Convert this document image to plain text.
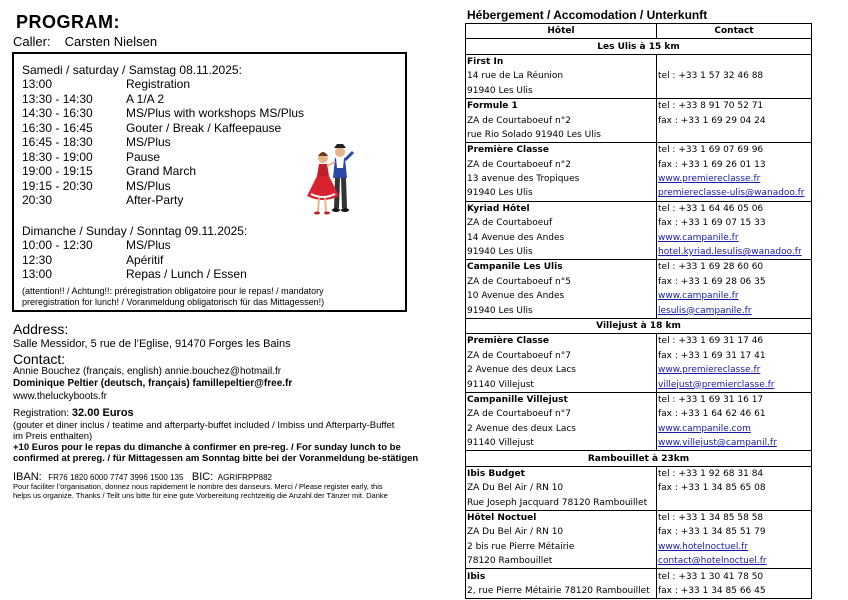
PROGRAM:
Caller: Carsten Nielsen
Samedi / saturday / Samstag 08.11.2025:
13:00	Registration
13:30 - 14:30	A 1/A 2
14:30 - 16:30	MS/Plus with workshops MS/Plus
16:30 - 16:45	Gouter / Break / Kaffeepause
16:45 - 18:30	MS/Plus
18:30 - 19:00	Pause
19:00 - 19:15	Grand March
19:15 - 20:30	MS/Plus
20:30	After-Party
Dimanche / Sunday / Sonntag 09.11.2025:
10:00 - 12:30	MS/Plus
12:30	Apéritif
13:00	Repas / Lunch / Essen
(attention!! / Achtung!!: préregistration obligatoire pour le repas! / mandatory
preregistration for lunch! / Voranmeldung obligatorisch für das Mittagessen!)
Address:
Salle Messidor, 5 rue de l’Eglise, 91470 Forges les Bains
Contact:
Annie Bouchez (français, english) annie.bouchez@hotmail.fr
Dominique Peltier (deutsch, français) famillepeltier@free.fr
www.theluckyboots.fr
Registration: 32.00 Euros
(gouter et diner inclus / teatime and afterparty-buffet included / Imbiss und Afterparty-Buffet
im Preis enthalten)
+10 Euros pour le repas du dimanche à confirmer en pre-reg. / For sunday lunch to be
confirmed at prereg. / für Mittagessen am Sonntag bitte bei der Voranmeldung be-stätigen
IBAN: FR76 1820 6000 7747 3996 1500 135 BIC: AGRIFRPP882
Pour faciliter l’organisation, donnez nous rapidement le nombre des danseurs. Merci / Please register early, this
helps us organize. Thanks / Teilt uns bitte für eine gute Vorbereitung rechtzeitig die Anzahl der Tänzer mit. Danke
Hébergement / Accomodation / Unterkunft
Hôtel	Contact
Les Ulis à 15 km	
First In	
14 rue de La Réunion	tel : +33 1 57 32 46 88
91940 Les Ulis	
Formule 1	tel : +33 8 91 70 52 71
ZA de Courtaboeuf n°2	fax : +33 1 69 29 04 24
rue Rio Solado 91940 Les Ulis	
Première Classe	tel : +33 1 69 07 69 96
ZA de Courtaboeuf n°2	fax : +33 1 69 26 01 13
13 avenue des Tropiques	www.premiereclasse.fr
91940 Les Ulis	premiereclasse-ulis@wanadoo.fr
Kyriad Hôtel	tel : +33 1 64 46 05 06
ZA de Courtaboeuf	fax : +33 1 69 07 15 33
14 Avenue des Andes	www.campanile.fr
91940 Les Ulis	hotel.kyriad.lesulis@wanadoo.fr
Campanile Les Ulis	tel : +33 1 69 28 60 60
ZA de Courtaboeuf n°5	fax : +33 1 69 28 06 35
10 Avenue des Andes	www.campanile.fr
91940 Les Ulis	lesulis@campanile.fr
Villejust à 18 km	
Première Classe	tel : +33 1 69 31 17 46
ZA de Courtaboeuf n°7	fax : +33 1 69 31 17 41
2 Avenue des deux Lacs	www.premiereclasse.fr
91140 Villejust	villejust@premierclasse.fr
Campanille Villejust	tel : +33 1 69 31 16 17
ZA de Courtaboeuf n°7	fax : +33 1 64 62 46 61
2 Avenue des deux Lacs	www.campanile.com
91140 Villejust	www.villejust@campanil.fr
Rambouillet à 23km	
Ibis Budget	tel : +33 1 92 68 31 84
ZA Du Bel Air / RN 10	fax : +33 1 34 85 65 08
Rue Joseph Jacquard 78120 Rambouillet	
Hôtel Noctuel	tel : +33 1 34 85 58 58
ZA Du Bel Air / RN 10	fax : +33 1 34 85 51 79
2 bis rue Pierre Métairie	www.hotelnoctuel.fr
78120 Rambouillet	contact@hotelnoctuel.fr
Ibis	tel : +33 1 30 41 78 50
2, rue Pierre Métairie 78120 Rambouillet	fax : +33 1 34 85 66 45
